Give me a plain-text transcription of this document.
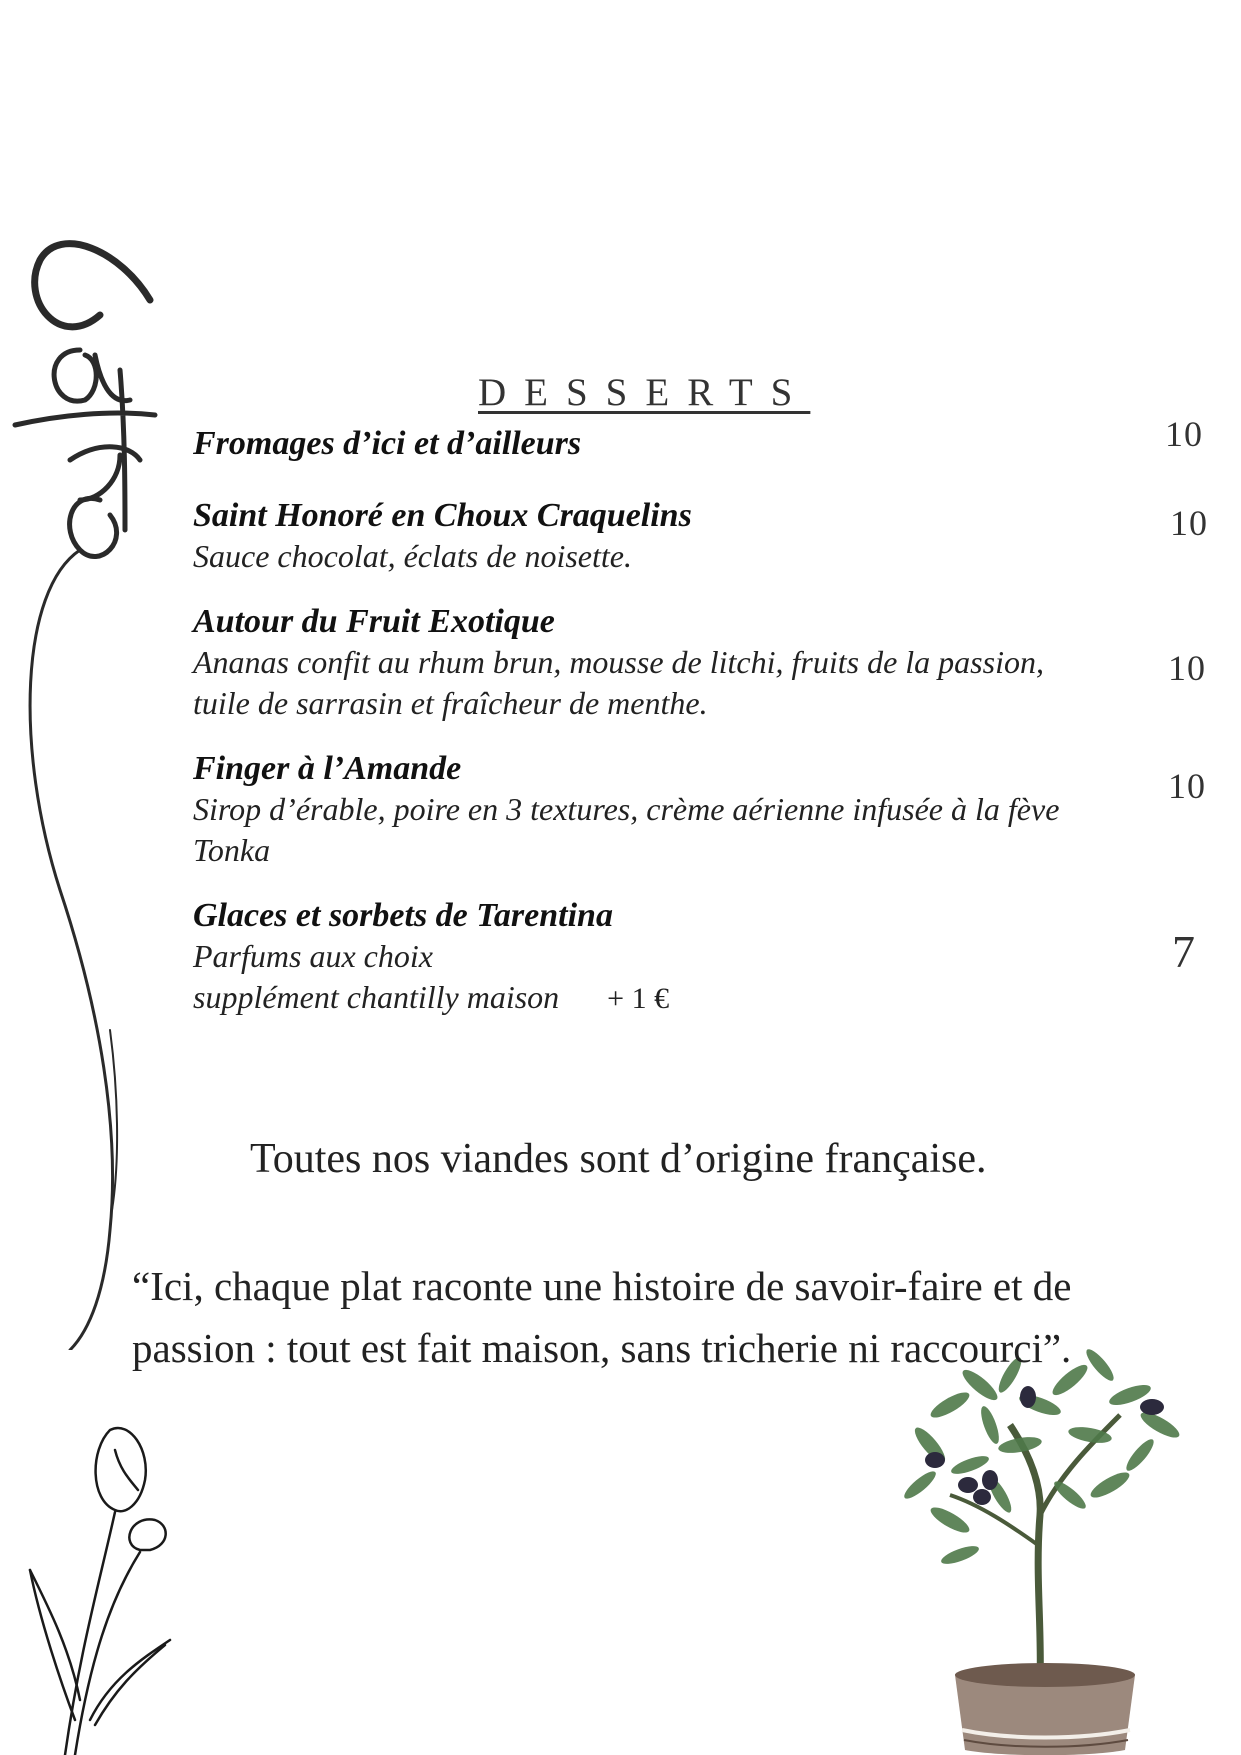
DESSERTS
Fromages d’ici et d’ailleurs	10
Saint Honoré en Choux Craquelins
Sauce chocolat, éclats de noisette.
10
Autour du Fruit Exotique
Ananas confit au rhum brun, mousse de litchi, fruits de la passion,
tuile de sarrasin et fraîcheur de menthe.
10
Finger à l’Amande
Sirop d’érable, poire en 3 textures, crème aérienne infusée à la fève
Tonka
10
Glaces et sorbets de Tarentina
Parfums aux choix
supplément chantilly maison + 1 €
7
Toutes nos viandes sont d’origine française.
“Ici, chaque plat raconte une histoire de savoir-faire et de
passion : tout est fait maison, sans tricherie ni raccourci”.
